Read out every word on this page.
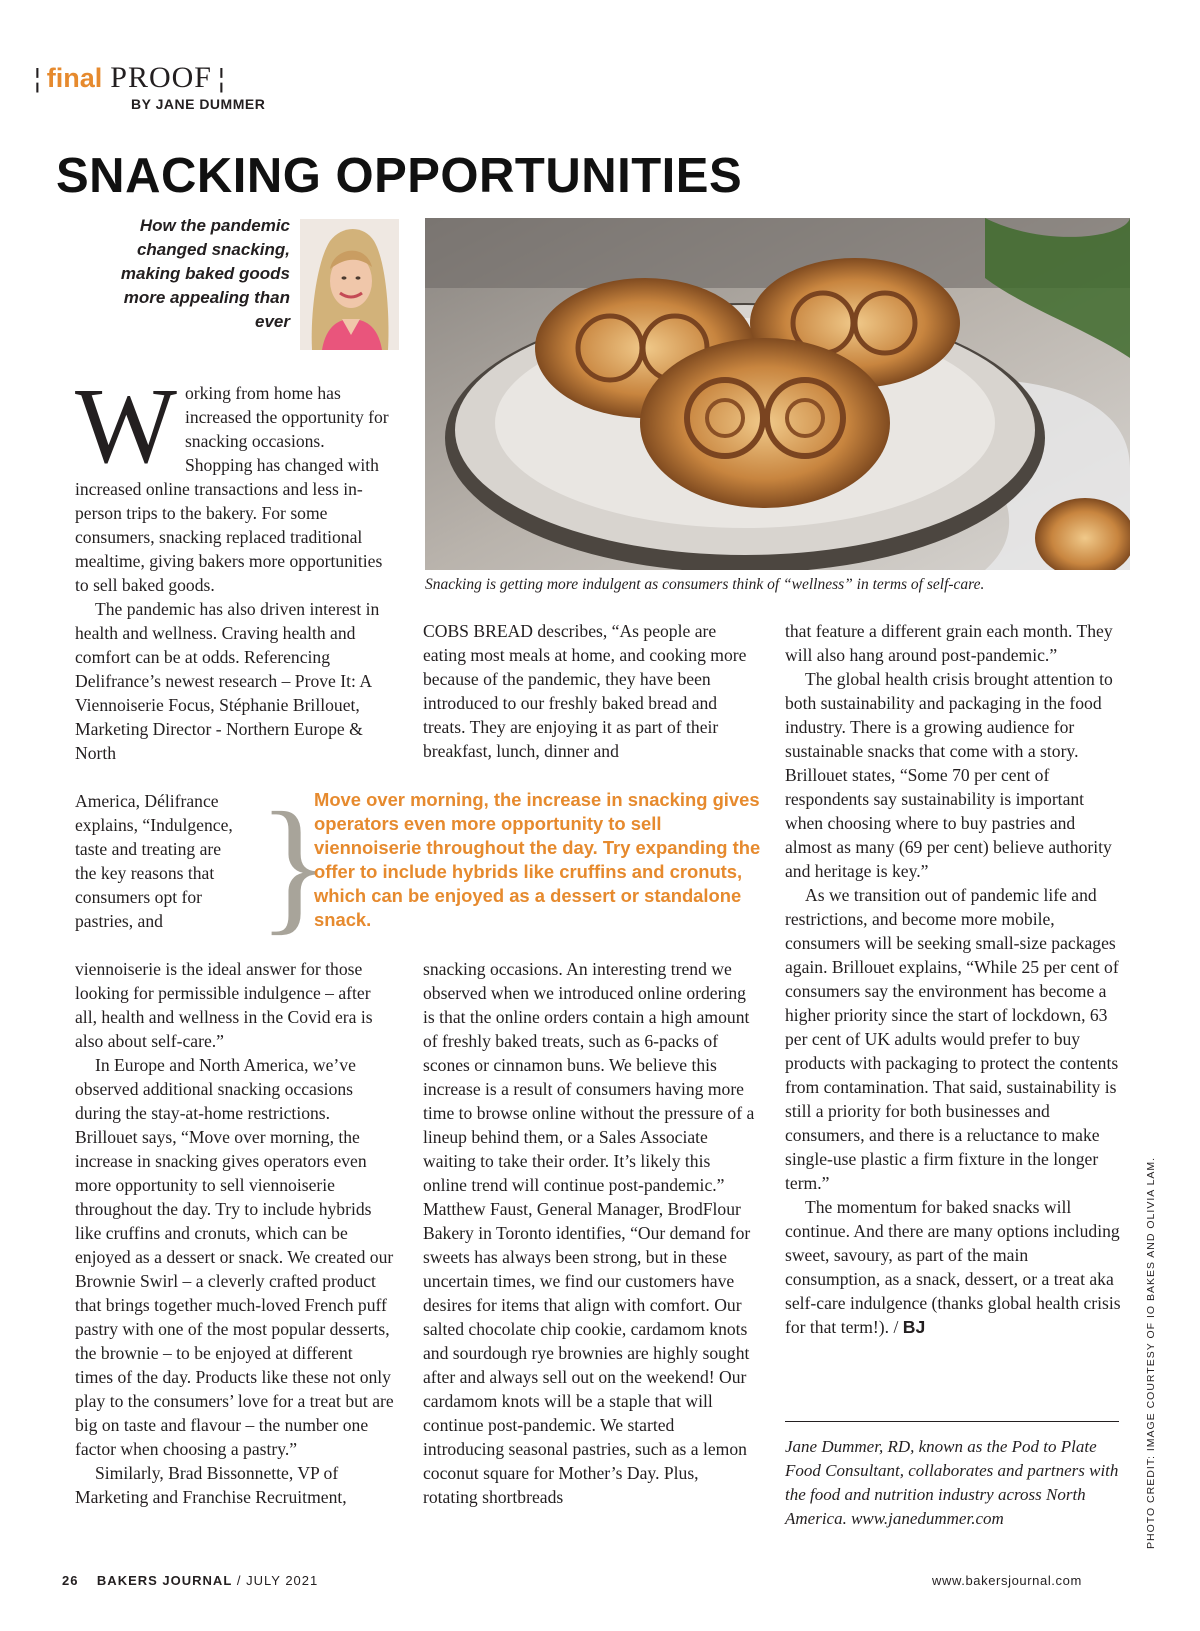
¦ final PROOF ¦
BY JANE DUMMER
SNACKING OPPORTUNITIES
How the pandemic changed snacking, making baked goods more appealing than ever
Snacking is getting more indulgent as consumers think of “wellness” in terms of self-care.
W orking from home has increased the opportunity for snacking occasions. Shopping has changed with increased online transactions and less in-person trips to the bakery. For some consumers, snacking replaced traditional mealtime, giving bakers more opportunities to sell baked goods.

The pandemic has also driven interest in health and wellness. Craving health and comfort can be at odds. Referencing Delifrance’s newest research – Prove It: A Viennoiserie Focus, Stéphanie Brillouet, Marketing Director - Northern Europe & North

America, Délifrance explains, “Indulgence, taste and treating are the key reasons that consumers opt for pastries, and

viennoiserie is the ideal answer for those looking for permissible indulgence – after all, health and wellness in the Covid era is also about self-care.”

In Europe and North America, we’ve observed additional snacking occasions during the stay-at-home restrictions. Brillouet says, “Move over morning, the increase in snacking gives operators even more opportunity to sell viennoiserie throughout the day. Try to include hybrids like cruffins and cronuts, which can be enjoyed as a dessert or snack. We created our Brownie Swirl – a cleverly crafted product that brings together much-loved French puff pastry with one of the most popular desserts, the brownie – to be enjoyed at different times of the day. Products like these not only play to the consumers’ love for a treat but are big on taste and flavour – the number one factor when choosing a pastry.”

Similarly, Brad Bissonnette, VP of Marketing and Franchise Recruitment,

}
Move over morning, the increase in snacking gives operators even more opportunity to sell viennoiserie throughout the day. Try expanding the offer to include hybrids like cruffins and cronuts, which can be enjoyed as a dessert or standalone snack.

COBS BREAD describes, “As people are eating most meals at home, and cooking more because of the pandemic, they have been introduced to our freshly baked bread and treats. They are enjoying it as part of their breakfast, lunch, dinner and

snacking occasions. An interesting trend we observed when we introduced online ordering is that the online orders contain a high amount of freshly baked treats, such as 6-packs of scones or cinnamon buns. We believe this increase is a result of consumers having more time to browse online without the pressure of a lineup behind them, or a Sales Associate waiting to take their order. It’s likely this online trend will continue post-pandemic.” Matthew Faust, General Manager, BrodFlour Bakery in Toronto identifies, “Our demand for sweets has always been strong, but in these uncertain times, we find our customers have desires for items that align with comfort. Our salted chocolate chip cookie, cardamom knots and sourdough rye brownies are highly sought after and always sell out on the weekend! Our cardamom knots will be a staple that will continue post-pandemic. We started introducing seasonal pastries, such as a lemon coconut square for Mother’s Day. Plus, rotating shortbreads

that feature a different grain each month. They will also hang around post-pandemic.”

The global health crisis brought attention to both sustainability and packaging in the food industry. There is a growing audience for sustainable snacks that come with a story. Brillouet states, “Some 70 per cent of respondents say sustainability is important when choosing where to buy pastries and almost as many (69 per cent) believe authority and heritage is key.”

As we transition out of pandemic life and restrictions, and become more mobile, consumers will be seeking small-size packages again. Brillouet explains, “While 25 per cent of consumers say the environment has become a higher priority since the start of lockdown, 63 per cent of UK adults would prefer to buy products with packaging to protect the contents from contamination. That said, sustainability is still a priority for both businesses and consumers, and there is a reluctance to make single-use plastic a firm fixture in the longer term.”

The momentum for baked snacks will continue. And there are many options including sweet, savoury, as part of the main consumption, as a snack, dessert, or a treat aka self-care indulgence (thanks global health crisis for that term!). / BJ

Jane Dummer, RD, known as the Pod to Plate Food Consultant, collaborates and partners with the food and nutrition industry across North America. www.janedummer.com	PHOTO CREDIT: IMAGE COURTESY OF IO BAKES AND OLIVIA LAM.
26 BAKERS JOURNAL / JULY 2021	www.bakersjournal.com
